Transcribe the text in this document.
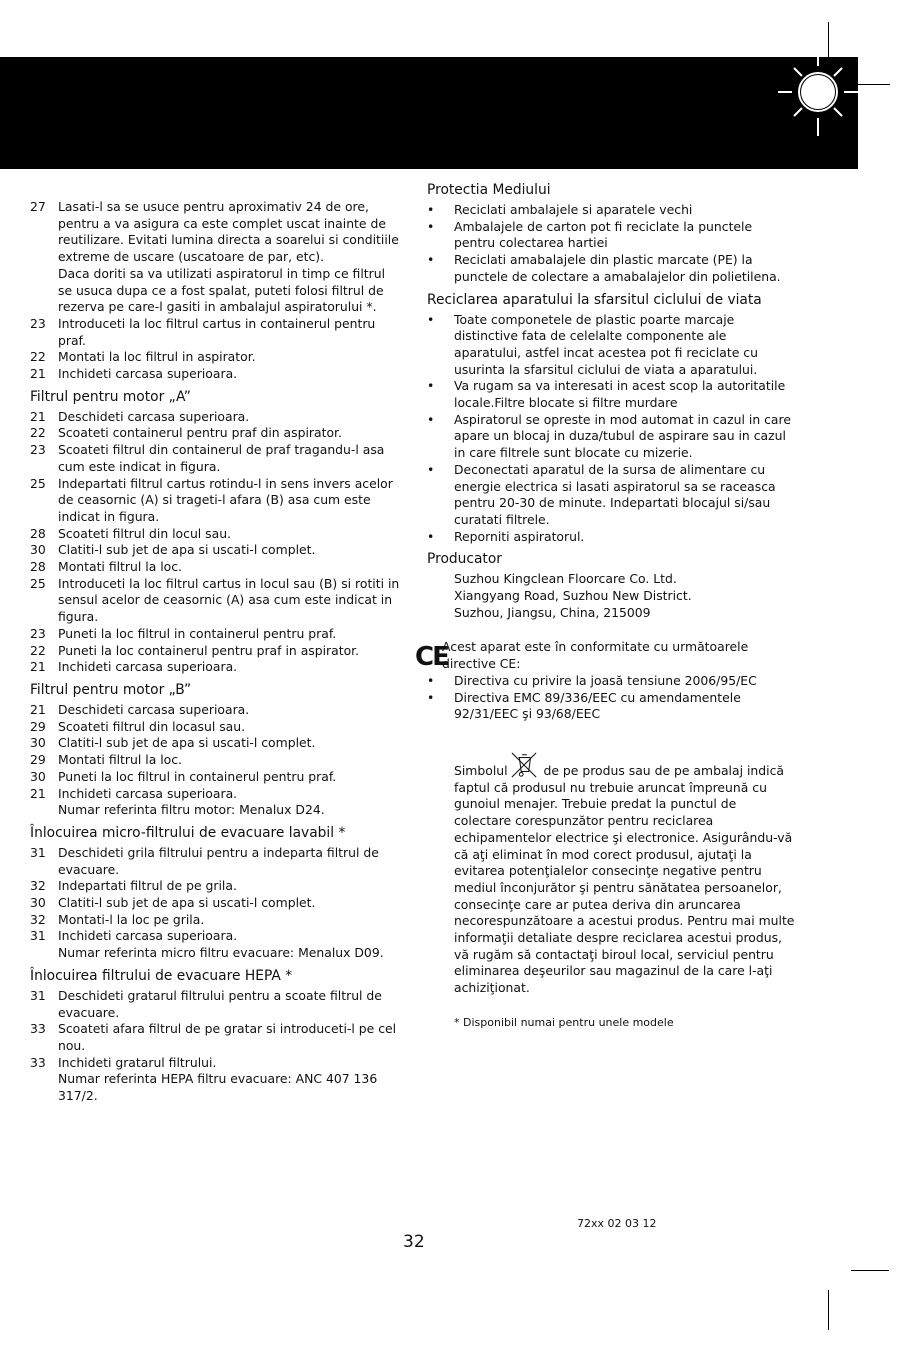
27 Lasati-l sa se usuce pentru aproximativ 24 de ore, pentru a va asigura ca este complet uscat inainte de reutilizare. Evitati lumina directa a soarelui si conditiile extreme de uscare (uscatoare de par, etc).
Daca doriti sa va utilizati aspiratorul in timp ce filtrul se usuca dupa ce a fost spalat, puteti folosi filtrul de rezerva pe care-l gasiti in ambalajul aspiratorului *.
23 Introduceti la loc filtrul cartus in containerul pentru praf.
22 Montati la loc filtrul in aspirator.
21 Inchideti carcasa superioara.
Filtrul pentru motor „A”
21 Deschideti carcasa superioara.
22 Scoateti containerul pentru praf din aspirator.
23 Scoateti filtrul din containerul de praf tragandu-l asa cum este indicat in figura.
25 Indepartati filtrul cartus rotindu-l in sens invers acelor de ceasornic (A) si trageti-l afara (B) asa cum este indicat in figura.
28 Scoateti filtrul din locul sau.
30 Clatiti-l sub jet de apa si uscati-l complet.
28 Montati filtrul la loc.
25 Introduceti la loc filtrul cartus in locul sau (B) si rotiti in sensul acelor de ceasornic (A) asa cum este indicat in figura.
23 Puneti la loc filtrul in containerul pentru praf.
22 Puneti la loc containerul pentru praf in aspirator.
21 Inchideti carcasa superioara.
Filtrul pentru motor „B”
21 Deschideti carcasa superioara.
29 Scoateti filtrul din locasul sau.
30 Clatiti-l sub jet de apa si uscati-l complet.
29 Montati filtrul la loc.
30 Puneti la loc filtrul in containerul pentru praf.
21 Inchideti carcasa superioara.
Numar referinta filtru motor: Menalux D24.
Înlocuirea micro-filtrului de evacuare lavabil *
31 Deschideti grila filtrului pentru a indeparta filtrul de evacuare.
32 Indepartati filtrul de pe grila.
30 Clatiti-l sub jet de apa si uscati-l complet.
32 Montati-l la loc pe grila.
31 Inchideti carcasa superioara.
Numar referinta micro filtru evacuare: Menalux D09.
Înlocuirea filtrului de evacuare HEPA *
31 Deschideti gratarul filtrului pentru a scoate filtrul de evacuare.
33 Scoateti afara filtrul de pe gratar si introduceti-l pe cel nou.
33 Inchideti gratarul filtrului.
Numar referinta HEPA filtru evacuare: ANC 407 136 317/2.
Protectia Mediului
•	Reciclati ambalajele si aparatele vechi
•	Ambalajele de carton pot fi reciclate la punctele pentru colectarea hartiei
•	Reciclati amabalajele din plastic marcate (PE) la punctele de colectare a amabalajelor din polietilena.
Reciclarea aparatului la sfarsitul ciclului de viata
•	Toate componetele de plastic poarte marcaje distinctive fata de celelalte componente ale aparatului, astfel incat acestea pot fi reciclate cu usurinta la sfarsitul ciclului de viata a aparatului.
•	Va rugam sa va interesati in acest scop la autoritatile locale.Filtre blocate si filtre murdare
•	Aspiratorul se opreste in mod automat in cazul in care apare un blocaj in duza/tubul de aspirare sau in cazul in care filtrele sunt blocate cu mizerie.
•	Deconectati aparatul de la sursa de alimentare cu energie electrica si lasati aspiratorul sa se raceasca pentru 20-30 de minute. Indepartati blocajul si/sau curatati filtrele.
•	Reporniti aspiratorul.
Producator
Suzhou Kingclean Floorcare Co. Ltd.
Xiangyang Road, Suzhou New District.
Suzhou, Jiangsu, China, 215009
CE
Acest aparat este în conformitate cu următoarele directive CE:
•	Directiva cu privire la joasă tensiune 2006/95/EC
•	Directiva EMC 89/336/EEC cu amendamentele 92/31/EEC şi 93/68/EEC
Simbolul	de pe produs sau de pe ambalaj indică faptul că produsul nu trebuie aruncat împreună cu gunoiul menajer. Trebuie predat la punctul de colectare corespunzător pentru reciclarea echipamentelor electrice şi electronice. Asigurându-vă că aţi eliminat în mod corect produsul, ajutaţi la evitarea potenţialelor consecinţe negative pentru mediul înconjurător şi pentru sănătatea persoanelor, consecinţe care ar putea deriva din aruncarea necorespunzătoare a acestui produs. Pentru mai multe informaţii detaliate despre reciclarea acestui produs, vă rugăm să contactaţi biroul local, serviciul pentru eliminarea deşeurilor sau magazinul de la care l-aţi achiziţionat.
* Disponibil numai pentru unele modele
72xx 02 03 12
32
